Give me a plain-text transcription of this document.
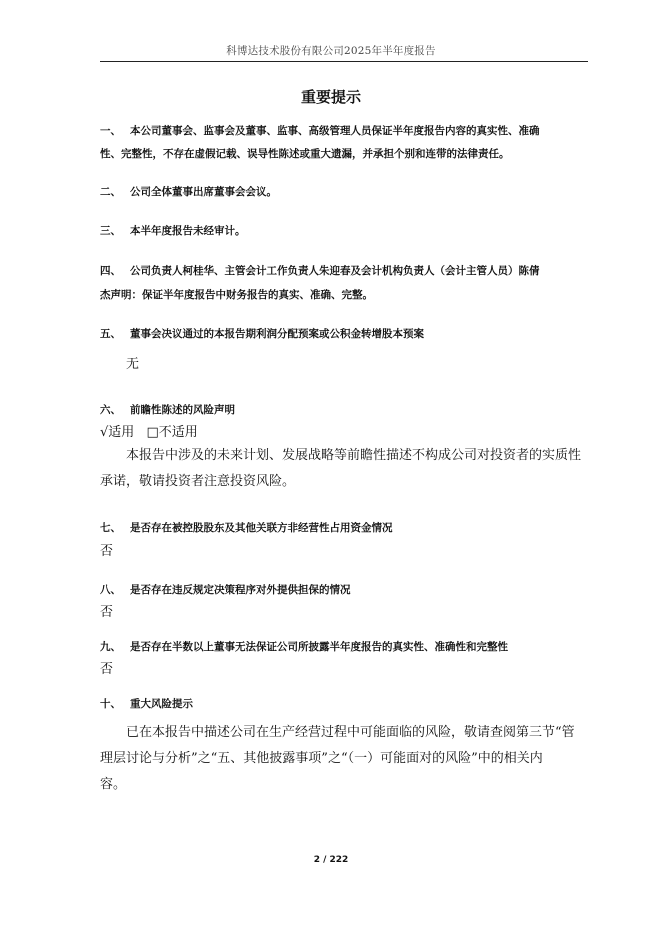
科博达技术股份有限公司2025年半年度报告
重要提示
一、 本公司董事会、监事会及董事、监事、高级管理人员保证半年度报告内容的真实性、准确
性、完整性，不存在虚假记载、误导性陈述或重大遗漏，并承担个别和连带的法律责任。
二、 公司全体董事出席董事会会议。
三、 本半年度报告未经审计。
四、 公司负责人柯桂华、主管会计工作负责人朱迎春及会计机构负责人（会计主管人员）陈倩
杰声明：保证半年度报告中财务报告的真实、准确、完整。
五、 董事会决议通过的本报告期利润分配预案或公积金转增股本预案
无
六、 前瞻性陈述的风险声明
√适用 □不适用
本报告中涉及的未来计划、发展战略等前瞻性描述不构成公司对投资者的实质性
承诺，敬请投资者注意投资风险。
七、 是否存在被控股股东及其他关联方非经营性占用资金情况
否
八、 是否存在违反规定决策程序对外提供担保的情况
否
九、 是否存在半数以上董事无法保证公司所披露半年度报告的真实性、准确性和完整性
否
十、 重大风险提示
已在本报告中描述公司在生产经营过程中可能面临的风险，敬请查阅第三节“管
理层讨论与分析”之“五、其他披露事项”之“（一）可能面对的风险”中的相关内
容。
2 / 222
